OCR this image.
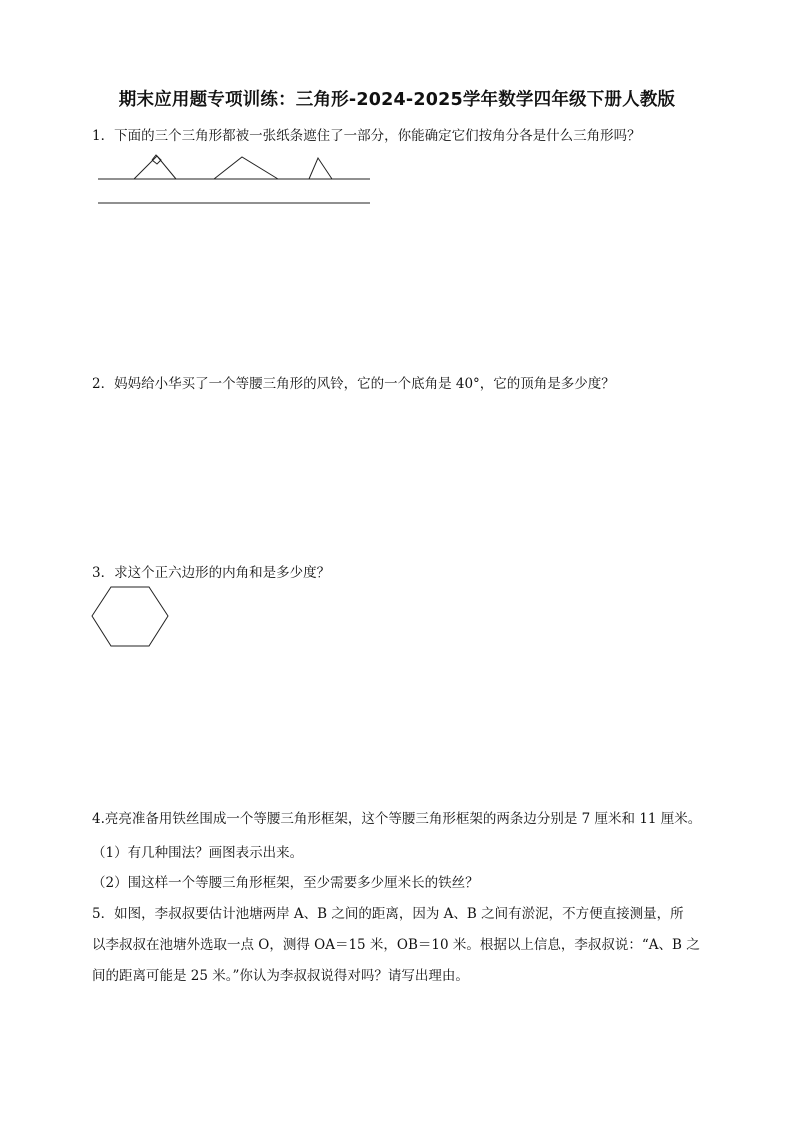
期末应用题专项训练：三角形-2024-2025学年数学四年级下册人教版
1．下面的三个三角形都被一张纸条遮住了一部分，你能确定它们按角分各是什么三角形吗？
2．妈妈给小华买了一个等腰三角形的风铃，它的一个底角是 40°，它的顶角是多少度？
3．求这个正六边形的内角和是多少度？
4.亮亮准备用铁丝围成一个等腰三角形框架，这个等腰三角形框架的两条边分别是 7 厘米和 11 厘米。
（1）有几种围法？画图表示出来。
（2）围这样一个等腰三角形框架，至少需要多少厘米长的铁丝？
5．如图，李叔叔要估计池塘两岸 A、B 之间的距离，因为 A、B 之间有淤泥，不方便直接测量，所
以李叔叔在池塘外选取一点 O，测得 OA＝15 米，OB＝10 米。根据以上信息，李叔叔说：“A、B 之
间的距离可能是 25 米。”你认为李叔叔说得对吗？请写出理由。
